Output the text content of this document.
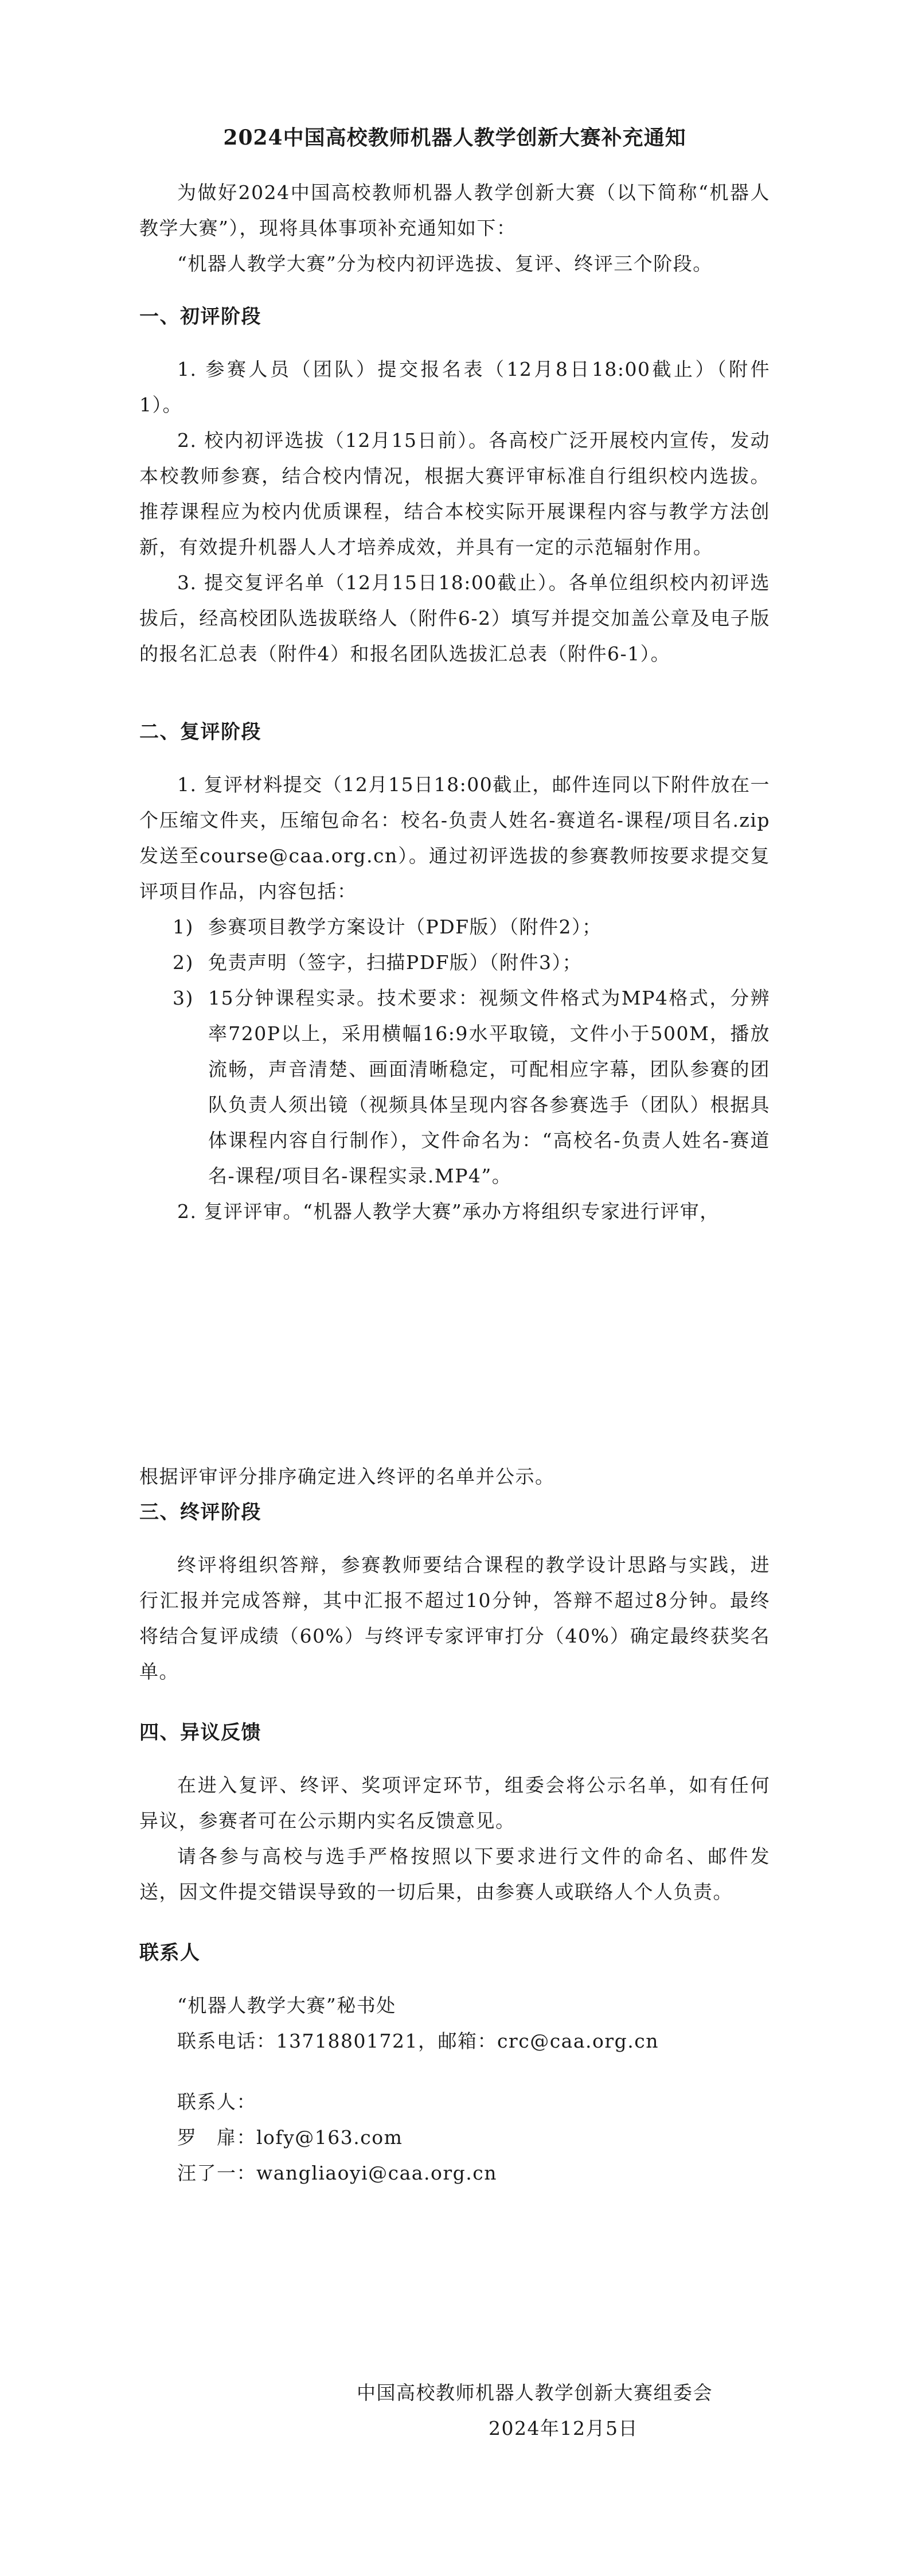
2024中国高校教师机器人教学创新大赛补充通知

为做好2024中国高校教师机器人教学创新大赛（以下简称“机器人教学大赛”），现将具体事项补充通知如下：

“机器人教学大赛”分为校内初评选拔、复评、终评三个阶段。

一、初评阶段

1. 参赛人员（团队）提交报名表（12月8日18:00截止）（附件1）。

2. 校内初评选拔（12月15日前）。各高校广泛开展校内宣传，发动本校教师参赛，结合校内情况，根据大赛评审标准自行组织校内选拔。推荐课程应为校内优质课程，结合本校实际开展课程内容与教学方法创新，有效提升机器人人才培养成效，并具有一定的示范辐射作用。

3. 提交复评名单（12月15日18:00截止）。各单位组织校内初评选拔后，经高校团队选拔联络人（附件6-2）填写并提交加盖公章及电子版的报名汇总表（附件4）和报名团队选拔汇总表（附件6-1）。

二、复评阶段

1. 复评材料提交（12月15日18:00截止，邮件连同以下附件放在一个压缩文件夹，压缩包命名：校名-负责人姓名-赛道名-课程/项目名.zip发送至course@caa.org.cn）。通过初评选拔的参赛教师按要求提交复评项目作品，内容包括：

1) 参赛项目教学方案设计（PDF版）（附件2）；
2) 免责声明（签字，扫描PDF版）（附件3）；
3) 15分钟课程实录。技术要求：视频文件格式为MP4格式，分辨率720P以上，采用横幅16:9水平取镜，文件小于500M，播放流畅，声音清楚、画面清晰稳定，可配相应字幕，团队参赛的团队负责人须出镜（视频具体呈现内容各参赛选手（团队）根据具体课程内容自行制作），文件命名为：“高校名-负责人姓名-赛道名-课程/项目名-课程实录.MP4”。

2. 复评评审。“机器人教学大赛”承办方将组织专家进行评审，

根据评审评分排序确定进入终评的名单并公示。

三、终评阶段

终评将组织答辩，参赛教师要结合课程的教学设计思路与实践，进行汇报并完成答辩，其中汇报不超过10分钟，答辩不超过8分钟。最终将结合复评成绩（60%）与终评专家评审打分（40%）确定最终获奖名单。

四、异议反馈

在进入复评、终评、奖项评定环节，组委会将公示名单，如有任何异议，参赛者可在公示期内实名反馈意见。

请各参与高校与选手严格按照以下要求进行文件的命名、邮件发送，因文件提交错误导致的一切后果，由参赛人或联络人个人负责。

联系人

“机器人教学大赛”秘书处

联系电话：13718801721，邮箱：crc@caa.org.cn

联系人：

罗　扉：lofy@163.com

汪了一：wangliaoyi@caa.org.cn

中国高校教师机器人教学创新大赛组委会

2024年12月5日
